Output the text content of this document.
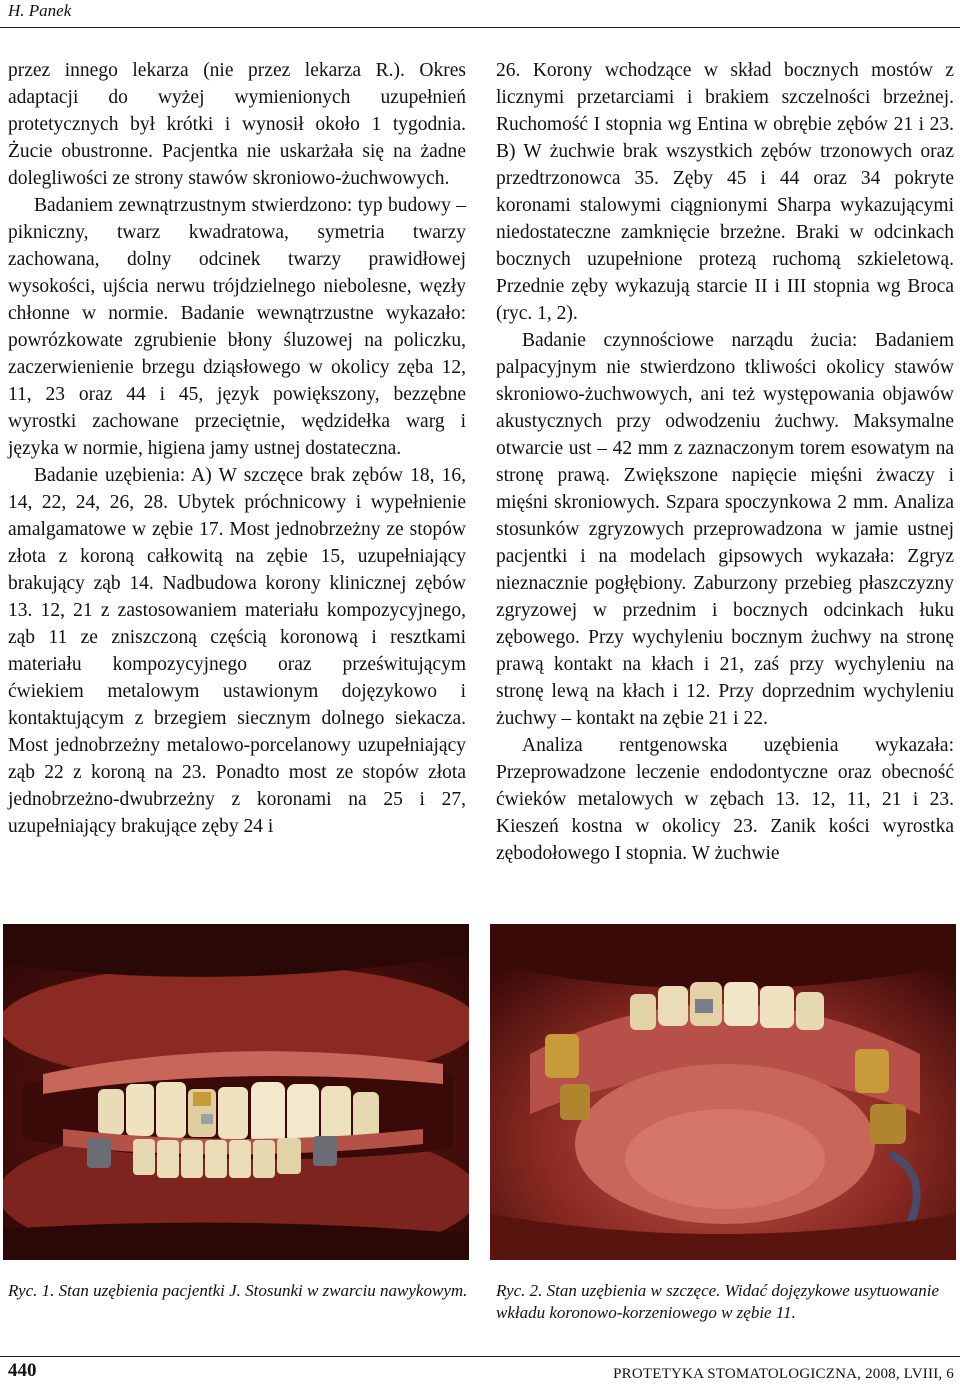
H. Panek

przez innego lekarza (nie przez lekarza R.). Okres adaptacji do wyżej wymienionych uzupełnień protetycznych był krótki i wynosił około 1 tygodnia. Żucie obustronne. Pacjentka nie uskarżała się na żadne dolegliwości ze strony stawów skroniowo-żuchwowych.

Badaniem zewnątrzustnym stwierdzono: typ budowy – pikniczny, twarz kwadratowa, symetria twarzy zachowana, dolny odcinek twarzy prawidłowej wysokości, ujścia nerwu trójdzielnego niebolesne, węzły chłonne w normie. Badanie wewnątrzustne wykazało: powrózkowate zgrubienie błony śluzowej na policzku, zaczerwienienie brzegu dziąsłowego w okolicy zęba 12, 11, 23 oraz 44 i 45, język powiększony, bezzębne wyrostki zachowane przeciętnie, wędzidełka warg i języka w normie, higiena jamy ustnej dostateczna.

Badanie uzębienia: A) W szczęce brak zębów 18, 16, 14, 22, 24, 26, 28. Ubytek próchnicowy i wypełnienie amalgamatowe w zębie 17. Most jednobrzeżny ze stopów złota z koroną całkowitą na zębie 15, uzupełniający brakujący ząb 14. Nadbudowa korony klinicznej zębów 13. 12, 21 z zastosowaniem materiału kompozycyjnego, ząb 11 ze zniszczoną częścią koronową i resztkami materiału kompozycyjnego oraz prześwitującym ćwiekiem metalowym ustawionym dojęzykowo i kontaktującym z brzegiem siecznym dolnego siekacza. Most jednobrzeżny metalowo-porcelanowy uzupełniający ząb 22 z koroną na 23. Ponadto most ze stopów złota jednobrzeżno-dwubrzeżny z koronami na 25 i 27, uzupełniający brakujące zęby 24 i

26. Korony wchodzące w skład bocznych mostów z licznymi przetarciami i brakiem szczelności brzeżnej. Ruchomość I stopnia wg Entina w obrębie zębów 21 i 23. B) W żuchwie brak wszystkich zębów trzonowych oraz przedtrzonowca 35. Zęby 45 i 44 oraz 34 pokryte koronami stalowymi ciągnionymi Sharpa wykazującymi niedostateczne zamknięcie brzeżne. Braki w odcinkach bocznych uzupełnione protezą ruchomą szkieletową. Przednie zęby wykazują starcie II i III stopnia wg Broca (ryc. 1, 2).

Badanie czynnościowe narządu żucia: Badaniem palpacyjnym nie stwierdzono tkliwości okolicy stawów skroniowo-żuchwowych, ani też występowania objawów akustycznych przy odwodzeniu żuchwy. Maksymalne otwarcie ust – 42 mm z zaznaczonym torem esowatym na stronę prawą. Zwiększone napięcie mięśni żwaczy i mięśni skroniowych. Szpara spoczynkowa 2 mm. Analiza stosunków zgryzowych przeprowadzona w jamie ustnej pacjentki i na modelach gipsowych wykazała: Zgryz nieznacznie pogłębiony. Zaburzony przebieg płaszczyzny zgryzowej w przednim i bocznych odcinkach łuku zębowego. Przy wychyleniu bocznym żuchwy na stronę prawą kontakt na kłach i 21, zaś przy wychyleniu na stronę lewą na kłach i 12. Przy doprzednim wychyleniu żuchwy – kontakt na zębie 21 i 22.

Analiza rentgenowska uzębienia wykazała: Przeprowadzone leczenie endodontyczne oraz obecność ćwieków metalowych w zębach 13. 12, 11, 21 i 23. Kieszeń kostna w okolicy 23. Zanik kości wyrostka zębodołowego I stopnia. W żuchwie

Ryc. 1. Stan uzębienia pacjentki J. Stosunki w zwarciu nawykowym. Ryc. 2. Stan uzębienia w szczęce. Widać dojęzykowe usytuowanie wkładu koronowo-korzeniowego w zębie 11.
440	PROTETYKA STOMATOLOGICZNA, 2008, LVIII, 6
